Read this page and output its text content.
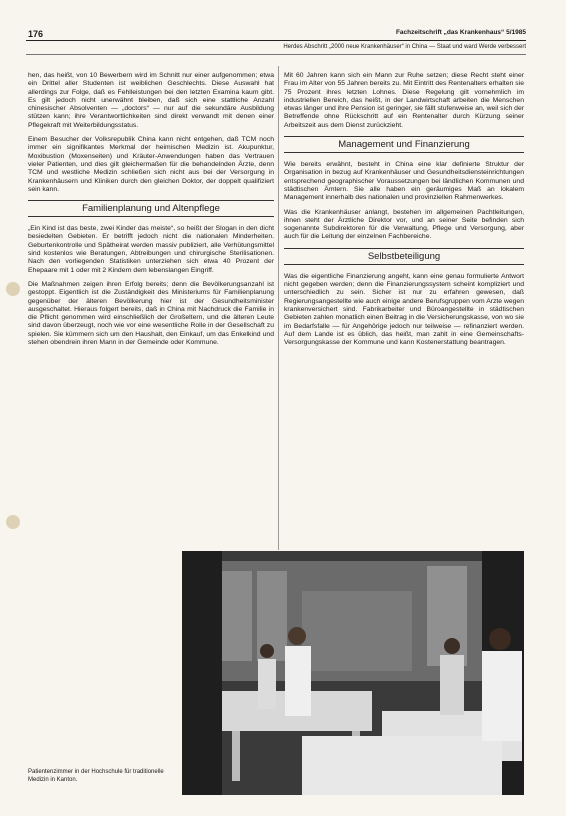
176	Fachzeitschrift „das Krankenhaus“ 5/1985
Herdes Abschritt „2000 neue Krankenhäuser“ in China — Staat und ward Werde verbessert

hen, das heißt, von 10 Bewerbern wird im Schnitt nur einer aufgenommen; etwa ein Drittel aller Studenten ist weiblichen Geschlechts. Diese Auswahl hat allerdings zur Folge, daß es Fehlleistungen bei den letzten Examina kaum gibt. Es gilt jedoch nicht unerwähnt bleiben, daß sich eine stattliche Anzahl chinesischer Absolventen — „doctors“ — nur auf die sekundäre Ausbildung stützen kann; ihre Verantwortlichkeiten sind direkt verwandt mit denen einer Pflegekraft mit Weiterbildungsstatus.

Einem Besucher der Volksrepublik China kann nicht entgehen, daß TCM noch immer ein signifikantes Merkmal der heimischen Medizin ist. Akupunktur, Moxibustion (Moxenseiten) und Kräuter-Anwendungen haben das Vertrauen vieler Patienten, und dies gilt gleichermaßen für die behandelnden Ärzte, denn TCM und westliche Medizin schließen sich nicht aus bei der Versorgung in Krankenhäusern und Kliniken durch den gleichen Doktor, der doppelt qualifiziert sein kann.

Familienplanung und Altenpflege

„Ein Kind ist das beste, zwei Kinder das meiste“, so heißt der Slogan in den dicht besiedelten Gebieten. Er betrifft jedoch nicht die nationalen Minderheiten. Geburtenkontrolle und Spätheirat werden massiv publiziert, alle Verhütungsmittel sind kostenlos wie Beratungen, Abtreibungen und chirurgische Sterilisationen. Nach den vorliegenden Statistiken unterziehen sich etwa 40 Prozent der Ehepaare mit 1 oder mit 2 Kindern dem lebenslangen Eingriff.

Die Maßnahmen zeigen ihren Erfolg bereits; denn die Bevölkerungsanzahl ist gestoppt. Eigentlich ist die Zuständigkeit des Ministeriums für Familienplanung gegenüber der älteren Bevölkerung hier ist der Gesundheitsminister ausgeschaltet. Hieraus folgert bereits, daß in China mit Nachdruck die Familie in die Pflicht genommen wird einschließlich der Großeltern, und die älteren Leute sind davon überzeugt, noch wie vor eine wesentliche Rolle in der Gesellschaft zu spielen. Sie kümmern sich um den Haushalt, den Einkauf, um das Enkelkind und stehen obendrein ihren Mann in der Gemeinde oder Kommune.

Mit 60 Jahren kann sich ein Mann zur Ruhe setzen; diese Recht steht einer Frau im Alter von 55 Jahren bereits zu. Mit Eintritt des Rentenalters erhalten sie 75 Prozent ihres letzten Lohnes. Diese Regelung gilt vornehmlich im industriellen Bereich, das heißt, in der Landwirtschaft arbeiten die Menschen etwas länger und ihre Pension ist geringer, sie fällt stufenweise an, weil sich der Betreffende ohne Rückschritt auf ein Rentenalter durch Kürzung seiner Arbeitszeit aus dem Dienst zurückzieht.

Management und Finanzierung

Wie bereits erwähnt, besteht in China eine klar definierte Struktur der Organisation in bezug auf Krankenhäuser und Gesundheitsdiensteinrichtungen entsprechend geographischer Voraussetzungen bei ländlichen Kommunen und städtischen Ämtern. Sie alle haben ein geräumiges Maß an lokalem Management innerhalb des nationalen und provinziellen Rahmenwerkes.

Was die Krankenhäuser anlangt, bestehen im allgemeinen Pachtleitungen, ihnen steht der Ärztliche Direktor vor, und an seiner Seite befinden sich sogenannte Subdirektoren für die Verwaltung, Pflege und Versorgung, aber auch für die Leitung der einzelnen Fachbereiche.

Selbstbeteiligung

Was die eigentliche Finanzierung angeht, kann eine genau formulierte Antwort nicht gegeben werden; denn die Finanzierungssystem scheint kompliziert und unterschiedlich zu sein. Sicher ist nur zu erfahren gewesen, daß Regierungsangestellte wie auch einige andere Berufsgruppen vom Arzte wegen krankenversichert sind. Fabrikarbeiter und Büroangestellte in städtischen Gebieten zahlen monatlich einen Beitrag in die Versicherungskasse, von wo sie im Bedarfsfalle — für Angehörige jedoch nur teilweise — refinanziert werden. Auf dem Lande ist es üblich, das heißt, man zahlt in eine Gemeinschafts-Versorgungskasse der Kommune und kann Kostenerstattung beantragen.

Patientenzimmer in der Hochschule für traditionelle Medizin in Kanton.
